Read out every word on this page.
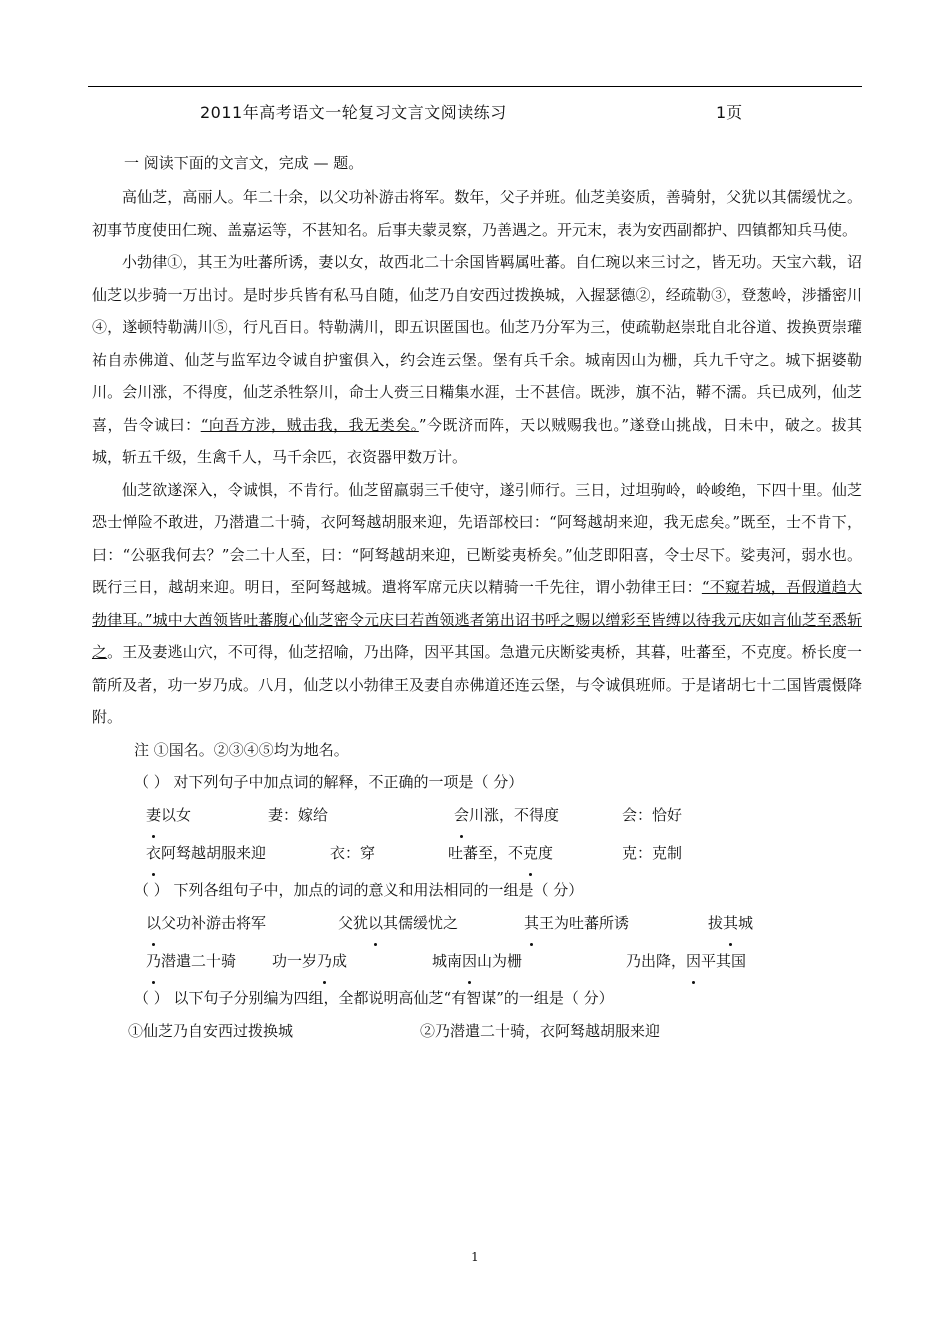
2011年高考语文一轮复习文言文阅读练习	1页
一 阅读下面的文言文，完成 — 题。

高仙芝，高丽人。年二十余，以父功补游击将军。数年，父子并班。仙芝美姿质，善骑射，父犹以其儒缓忧之。初事节度使田仁琬、盖嘉运等，不甚知名。后事夫蒙灵察，乃善遇之。开元末，表为安西副都护、四镇都知兵马使。

小勃律①，其王为吐蕃所诱，妻以女，故西北二十余国皆羁属吐蕃。自仁琬以来三讨之，皆无功。天宝六载，诏仙芝以步骑一万出讨。是时步兵皆有私马自随，仙芝乃自安西过拨换城，入握瑟德②，经疏勒③，登葱岭，涉播密川④，遂顿特勒满川⑤，行凡百日。特勒满川，即五识匿国也。仙芝乃分军为三，使疏勒赵崇玭自北谷道、拨换贾崇瓘祐自赤佛道、仙芝与监军边令诚自护蜜俱入，约会连云堡。堡有兵千余。城南因山为栅，兵九千守之。城下据婆勒川。会川涨，不得度，仙芝杀牲祭川，命士人赍三日糒集水涯，士不甚信。既涉，旗不沾，鞯不濡。兵已成列，仙芝喜，告令诚曰：“向吾方涉，贼击我，我无类矣。”今既济而阵，天以贼赐我也。”遂登山挑战，日未中，破之。拔其城，斩五千级，生禽千人，马千余匹，衣资器甲数万计。

仙芝欲遂深入，令诚惧，不肯行。仙芝留羸弱三千使守，遂引师行。三日，过坦驹岭，岭峻绝，下四十里。仙芝恐士惮险不敢进，乃潜遣二十骑，衣阿驽越胡服来迎，先语部校曰：“阿驽越胡来迎，我无虑矣。”既至，士不肯下，曰：“公驱我何去？”会二十人至，曰：“阿驽越胡来迎，已断娑夷桥矣。”仙芝即阳喜，令士尽下。娑夷河，弱水也。既行三日，越胡来迎。明日，至阿驽越城。遣将军席元庆以精骑一千先往，谓小勃律王曰：“不窥若城，吾假道趋大勃律耳。”城中大酋领皆吐蕃腹心仙芝密令元庆曰若酋领逃者第出诏书呼之赐以缯彩至皆缚以待我元庆如言仙芝至悉斩之。王及妻逃山穴，不可得，仙芝招喻，乃出降，因平其国。急遣元庆断娑夷桥，其暮，吐蕃至，不克度。桥长度一箭所及者，功一岁乃成。八月，仙芝以小勃律王及妻自赤佛道还连云堡，与令诚俱班师。于是诸胡七十二国皆震慑降附。

注 ①国名。②③④⑤均为地名。
（ ） 对下列句子中加点词的解释，不正确的一项是（ 分）
妻以女	妻：嫁给	会川涨，不得度	会：恰好
衣阿驽越胡服来迎	衣：穿	吐蕃至，不克度	克：克制
（ ） 下列各组句子中，加点的词的意义和用法相同的一组是（ 分）
以父功补游击将军	父犹以其儒缓忧之	其王为吐蕃所诱	拔其城
乃潜遣二十骑 功一岁乃成	城南因山为栅	乃出降，因平其国
（ ） 以下句子分别编为四组，全都说明高仙芝“有智谋”的一组是（ 分）
①仙芝乃自安西过拨换城	②乃潜遣二十骑，衣阿驽越胡服来迎
1
